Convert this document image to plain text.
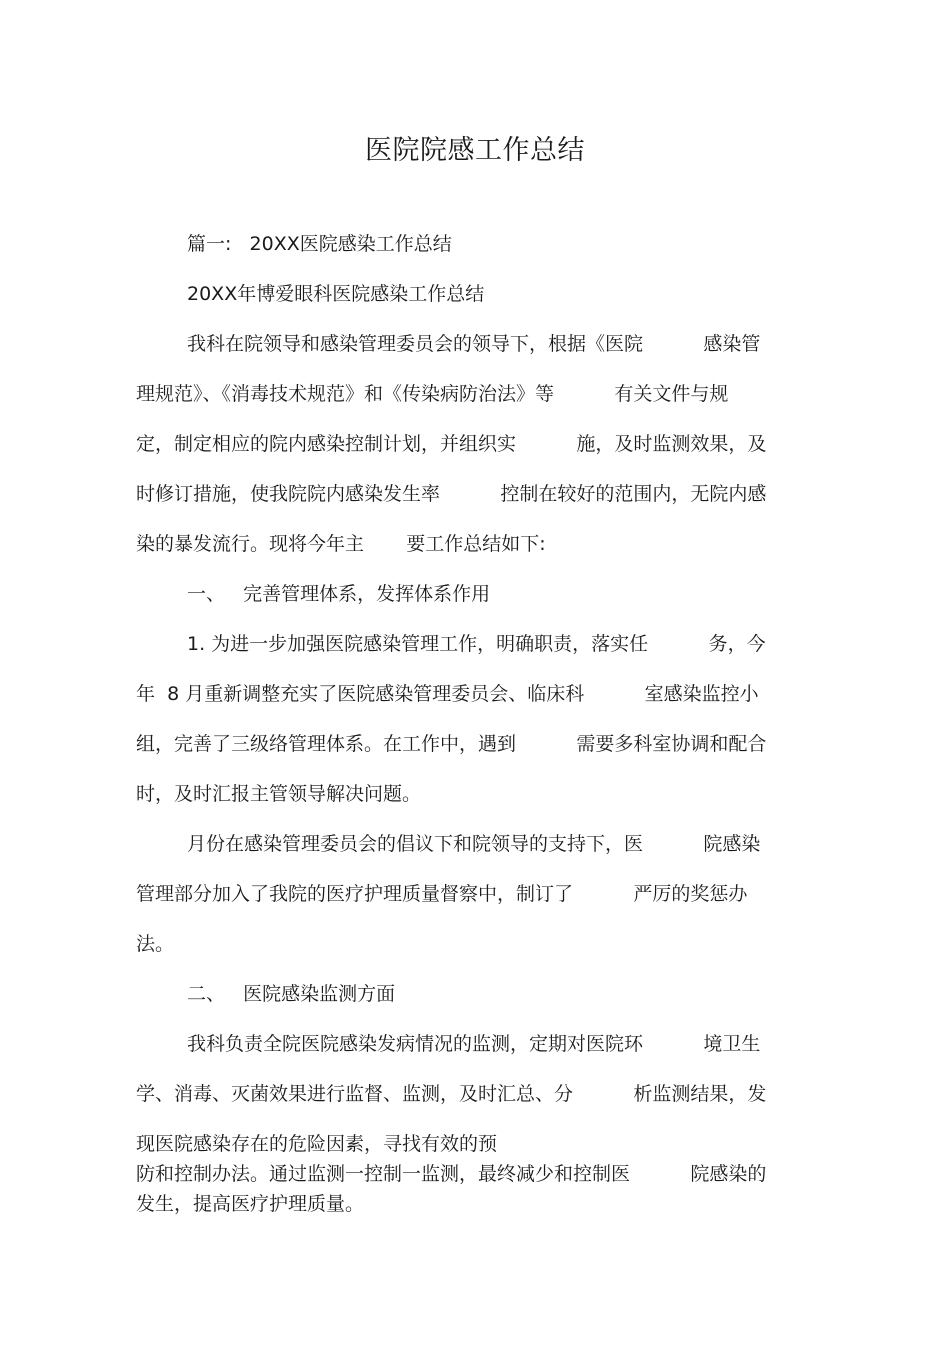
医院院感工作总结

篇一:   20XX医院感染工作总结

20XX年博爱眼科医院感染工作总结

我科在院领导和感染管理委员会的领导下，根据《医院          感染管

理规范》、《消毒技术规范》和《传染病防治法》等          有关文件与规

定，制定相应的院内感染控制计划，并组织实          施，及时监测效果，及

时修订措施，使我院院内感染发生率          控制在较好的范围内，无院内感

染的暴发流行。现将今年主       要工作总结如下:

一、   完善管理体系，发挥体系作用

1. 为进一步加强医院感染管理工作，明确职责，落实任          务，今

年  8 月重新调整充实了医院感染管理委员会、临床科          室感染监控小

组，完善了三级络管理体系。在工作中，遇到          需要多科室协调和配合

时，及时汇报主管领导解决问题。

月份在感染管理委员会的倡议下和院领导的支持下，医          院感染

管理部分加入了我院的医疗护理质量督察中，制订了          严厉的奖惩办

法。

二、   医院感染监测方面

我科负责全院医院感染发病情况的监测，定期对医院环          境卫生

学、消毒、灭菌效果进行监督、监测，及时汇总、分          析监测结果，发

现医院感染存在的危险因素，寻找有效的预

防和控制办法。通过监测一控制一监测，最终减少和控制医          院感染的

发生，提高医疗护理质量。
